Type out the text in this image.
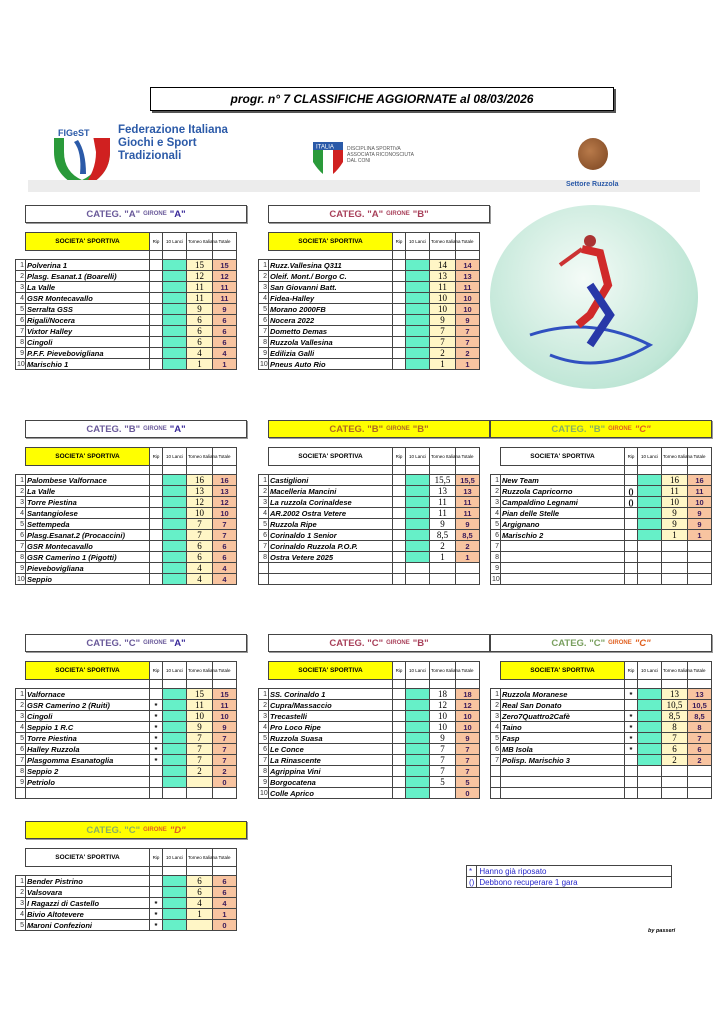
progr. n° 7 CLASSIFICHE AGGIORNATE al 08/03/2026
FIGeST Federazione Italiana
Giochi e Sport
Tradizionali
ITALIA	DISCIPLINA SPORTIVA
ASSOCIATA RICONOSCIUTA
DAL CONI
Settore Ruzzola
CATEG. "A" GIRONE "A"
	SOCIETA' SPORTIVA	Rip	10 Lanci	Torneo Italiana	Totale

1	Polverina 1			15	15
2	Plasg. Esanat.1 (Boarelli)			12	12
3	La Valle			11	11
4	GSR Montecavallo			11	11
5	Serralta GSS			9	9
6	Rigali/Nocera			6	6
7	Vixtor Halley			6	6
8	Cingoli			6	6
9	P.F.F. Pievebovigliana			4	4
10	Marischio 1			1	1
CATEG. "A" GIRONE "B"
	SOCIETA' SPORTIVA	Rip	10 Lanci	Torneo Italiana	Totale

1	Ruzz.Vallesina Q311			14	14
2	Oleif. Mont./ Borgo C.			13	13
3	San Giovanni Batt.			11	11
4	Fidea-Halley			10	10
5	Morano 2000FB			10	10
6	Nocera 2022			9	9
7	Dometto Demas			7	7
8	Ruzzola Vallesina			7	7
9	Edilizia Galli			2	2
10	Pneus Auto Rio			1	1
CATEG. "B" GIRONE "A"
	SOCIETA' SPORTIVA	Rip	10 Lanci	Torneo Italiana	Totale

1	Palombese Valfornace			16	16
2	La Valle			13	13
3	Torre Piestina			12	12
4	Santangiolese			10	10
5	Settempeda			7	7
6	Plasg.Esanat.2 (Procaccini)			7	7
7	GSR Montecavallo			6	6
8	GSR Camerino 1 (Pigotti)			6	6
9	Pievebovigliana			4	4
10	Seppio			4	4
CATEG. "B" GIRONE "B"
	SOCIETA' SPORTIVA	Rip	10 Lanci	Torneo Italiana	Totale

1	Castiglioni			15,5	15,5
2	Macelleria Mancini			13	13
3	La ruzzola Corinaldese			11	11
4	AR.2002 Ostra Vetere			11	11
5	Ruzzola Ripe			9	9
6	Corinaldo 1 Senior			8,5	8,5
7	Corinaldo Ruzzola P.O.P.			2	2
8	Ostra Vetere 2025			1	1

CATEG. "B" GIRONE "C"
	SOCIETA' SPORTIVA	Rip	10 Lanci	Torneo Italiana	Totale

1	New Team			16	16
2	Ruzzola Capricorno	()		11	11
3	Campaldino Legnami	()		10	10
4	Pian delle Stelle			9	9
5	Argignano			9	9
6	Marischio 2			1	1
7					
8					
9					
10					
CATEG. "C" GIRONE "A"
	SOCIETA' SPORTIVA	Rip	10 Lanci	Torneo Italiana	Totale

1	Valfornace			15	15
2	GSR Camerino 2 (Ruiti)	*		11	11
3	Cingoli	*		10	10
4	Seppio 1 R.C	*		9	9
5	Torre Piestina	*		7	7
6	Halley Ruzzola	*		7	7
7	Plasgomma Esanatoglia	*		7	7
8	Seppio 2			2	2
9	Petriolo				0

CATEG. "C" GIRONE "B"
	SOCIETA' SPORTIVA	Rip	10 Lanci	Torneo Italiana	Totale

1	SS. Corinaldo 1			18	18
2	Cupra/Massaccio			12	12
3	Trecastelli			10	10
4	Pro Loco Ripe			10	10
5	Ruzzola Suasa			9	9
6	Le Conce			7	7
7	La Rinascente			7	7
8	Agrippina Vini			7	7
9	Borgocatena			5	5
10	Colle Aprico				0
CATEG. "C" GIRONE "C"
	SOCIETA' SPORTIVA	Rip	10 Lanci	Torneo Italiana	Totale

1	Ruzzola Moranese	*		13	13
2	Real San Donato			10,5	10,5
3	Zero7Quattro2Cafè	*		8,5	8,5
4	Taino	*		8	8
5	Fasp	*		7	7
6	MB Isola	*		6	6
7	Polisp. Marischio 3			2	2

CATEG. "C" GIRONE "D"
	SOCIETA' SPORTIVA	Rip	10 Lanci	Torneo Italiana	Totale

1	Bender Pistrino			6	6
2	Valsovara			6	6
3	I Ragazzi di Castello	*		4	4
4	Bivio Altotevere	*		1	1
5	Maroni Confezioni	*			0
*	Hanno già riposato
()	Debbono recuperare 1 gara
by passeri
